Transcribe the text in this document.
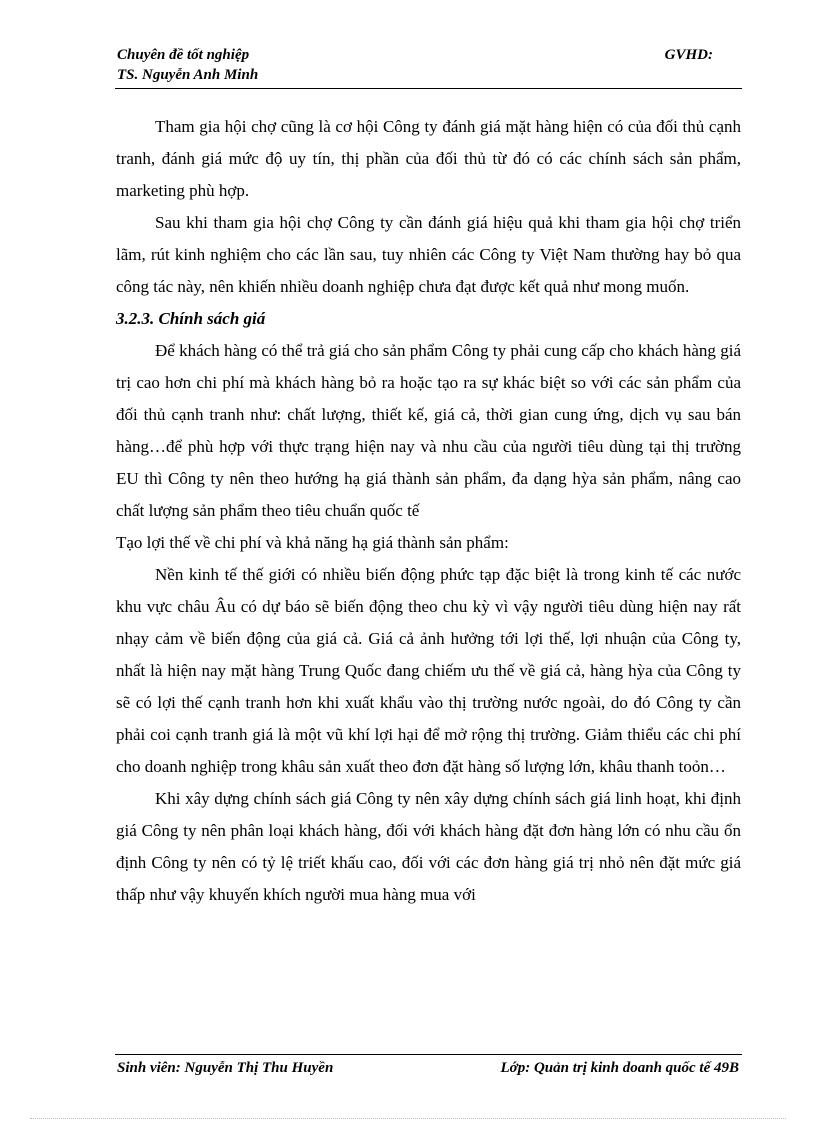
Chuyên đề tốt nghiệp	GVHD:
TS. Nguyễn Anh Minh

Tham gia hội chợ cũng là cơ hội Công ty đánh giá mặt hàng hiện có của đối thủ cạnh tranh, đánh giá mức độ uy tín, thị phần của đối thủ từ đó có các chính sách sản phẩm, marketing phù hợp.

Sau khi tham gia hội chợ Công ty cần đánh giá hiệu quả khi tham gia hội chợ triển lãm, rút kinh nghiệm cho các lần sau, tuy nhiên các Công ty Việt Nam thường hay bỏ qua công tác này, nên khiến nhiều doanh nghiệp chưa đạt được kết quả như mong muốn.

3.2.3. Chính sách giá

Để khách hàng có thể trả giá cho sản phẩm Công ty phải cung cấp cho khách hàng giá trị cao hơn chi phí mà khách hàng bỏ ra hoặc tạo ra sự khác biệt so với các sản phẩm của đối thủ cạnh tranh như: chất lượng, thiết kế, giá cả, thời gian cung ứng, dịch vụ sau bán hàng…để phù hợp với thực trạng hiện nay và nhu cầu của người tiêu dùng tại thị trường EU thì Công ty nên theo hướng hạ giá thành sản phẩm, đa dạng hỳa sản phẩm, nâng cao chất lượng sản phẩm theo tiêu chuẩn quốc tế

Tạo lợi thế về chi phí và khả năng hạ giá thành sản phẩm:

Nền kinh tế thế giới có nhiều biến động phức tạp đặc biệt là trong kinh tế các nước khu vực châu Âu có dự báo sẽ biến động theo chu kỳ vì vậy người tiêu dùng hiện nay rất nhạy cảm về biến động của giá cả. Giá cả ảnh hưởng tới lợi thế, lợi nhuận của Công ty, nhất là hiện nay mặt hàng Trung Quốc đang chiếm ưu thế về giá cả, hàng hỳa của Công ty sẽ có lợi thế cạnh tranh hơn khi xuất khẩu vào thị trường nước ngoài, do đó Công ty cần phải coi cạnh tranh giá là một vũ khí lợi hại để mở rộng thị trường. Giảm thiểu các chi phí cho doanh nghiệp trong khâu sản xuất theo đơn đặt hàng số lượng lớn, khâu thanh toỏn…

Khi xây dựng chính sách giá Công ty nên xây dựng chính sách giá linh hoạt, khi định giá Công ty nên phân loại khách hàng, đối với khách hàng đặt đơn hàng lớn có nhu cầu ổn định Công ty nên có tỷ lệ triết khấu cao, đối với các đơn hàng giá trị nhỏ nên đặt mức giá thấp như vậy khuyến khích người mua hàng mua với

Sinh viên: Nguyễn Thị Thu Huyền	Lớp: Quản trị kinh doanh quốc tế 49B
